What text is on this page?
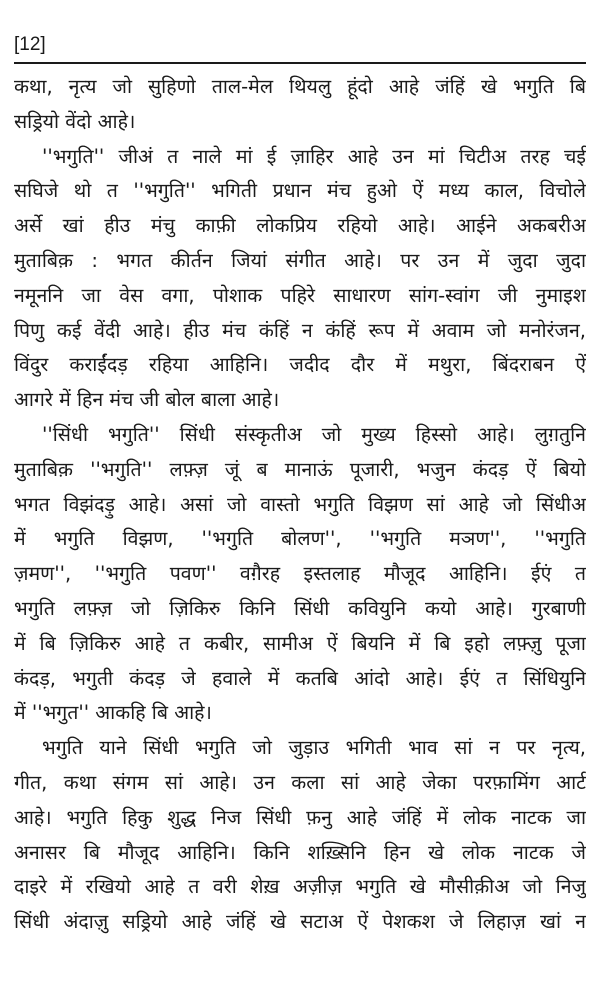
[12]
कथा, नृत्य जो सुहिणो ताल-मेल थियलु हूंदो आहे जंहिं खे भगुति बि
सड्रियो वेंदो आहे।
''भगुति'' जीअं त नाले मां ई ज़ाहिर आहे उन मां चिटीअ तरह चई
सघिजे थो त ''भगुति'' भगिती प्रधान मंच हुओ ऐं मध्य काल, विचोले
अर्से खां हीउ मंचु काफ़ी लोकप्रिय रहियो आहे। आईने अकबरीअ
मुताबिक़ : भगत कीर्तन जियां संगीत आहे। पर उन में जुदा जुदा
नमूननि जा वेस वगा, पोशाक पहिरे साधारण सांग-स्वांग जी नुमाइश
पिणु कई वेंदी आहे। हीउ मंच कंहिं न कंहिं रूप में अवाम जो मनोरंजन,
विंदुर कराईंदड़ रहिया आहिनि। जदीद दौर में मथुरा, बिंदराबन ऐं
आगरे में हिन मंच जी बोल बाला आहे।
''सिंधी भगुति'' सिंधी संस्कृतीअ जो मुख्य हिस्सो आहे। लुग़तुनि
मुताबिक़ ''भगुति'' लफ़्ज़ जूं ब मानाऊं पूजारी, भजुन कंदड़ ऐं बियो
भगत विझंदड़ु आहे। असां जो वास्तो भगुति विझण सां आहे जो सिंधीअ
में भगुति विझण, ''भगुति बोलण'', ''भगुति मञण'', ''भगुति
ज़मण'', ''भगुति पवण'' वग़ैरह इस्तलाह मौजूद आहिनि। ईएं त
भगुति लफ़्ज़ जो ज़िकिरु किनि सिंधी कवियुनि कयो आहे। गुरबाणी
में बि ज़िकिरु आहे त कबीर, सामीअ ऐं बियनि में बि इहो लफ़्ज़ु पूजा
कंदड़, भगुती कंदड़ जे हवाले में कतबि आंदो आहे। ईएं त सिंधियुनि
में ''भगुत'' आकहि बि आहे।
भगुति याने सिंधी भगुति जो जुड़ाउ भगिती भाव सां न पर नृत्य,
गीत, कथा संगम सां आहे। उन कला सां आहे जेका परफ़ामिंग आर्ट
आहे। भगुति हिकु शुद्ध निज सिंधी फ़नु आहे जंहिं में लोक नाटक जा
अनासर बि मौजूद आहिनि। किनि शख़्सिनि हिन खे लोक नाटक जे
दाइरे में रखियो आहे त वरी शेख़ अज़ीज़ भगुति खे मौसीक़ीअ जो निजु
सिंधी अंदाज़ु सड्रियो आहे जंहिं खे सटाअ ऐं पेशकश जे लिहाज़ खां न
